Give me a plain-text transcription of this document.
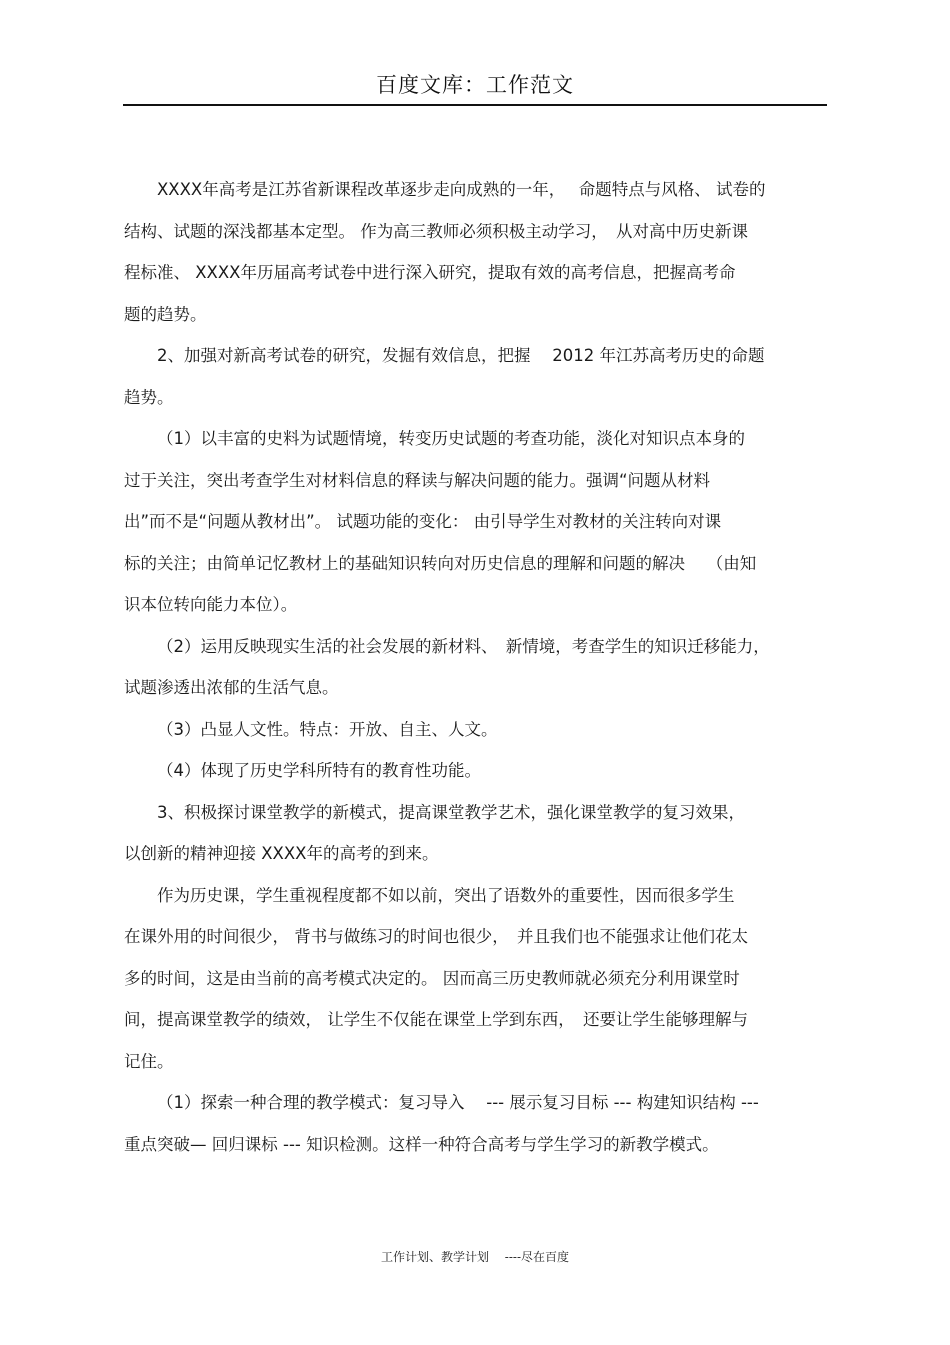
百度文库：工作范文
XXXX年高考是江苏省新课程改革逐步走向成熟的一年，　 命题特点与风格、 试卷的
结构、试题的深浅都基本定型。 作为高三教师必须积极主动学习，　从对高中历史新课
程标准、 XXXX年历届高考试卷中进行深入研究，提取有效的高考信息，把握高考命
题的趋势。
2、加强对新高考试卷的研究，发掘有效信息，把握　 2012 年江苏高考历史的命题
趋势。
（1）以丰富的史料为试题情境，转变历史试题的考查功能，淡化对知识点本身的
过于关注，突出考查学生对材料信息的释读与解决问题的能力。强调“问题从材料
出”而不是“问题从教材出”。 试题功能的变化： 由引导学生对教材的关注转向对课
标的关注；由简单记忆教材上的基础知识转向对历史信息的理解和问题的解决　 （由知
识本位转向能力本位）。
（2）运用反映现实生活的社会发展的新材料、　新情境，考查学生的知识迁移能力，
试题渗透出浓郁的生活气息。
（3）凸显人文性。特点：开放、自主、人文。
（4）体现了历史学科所特有的教育性功能。
3、积极探讨课堂教学的新模式，提高课堂教学艺术，强化课堂教学的复习效果，
以创新的精神迎接 XXXX年的高考的到来。
作为历史课，学生重视程度都不如以前，突出了语数外的重要性，因而很多学生
在课外用的时间很少， 背书与做练习的时间也很少，　并且我们也不能强求让他们花太
多的时间，这是由当前的高考模式决定的。 因而高三历史教师就必须充分利用课堂时
间，提高课堂教学的绩效， 让学生不仅能在课堂上学到东西，　还要让学生能够理解与
记住。
（1）探索一种合理的教学模式：复习导入　 --- 展示复习目标 --- 构建知识结构 ---
重点突破— 回归课标 --- 知识检测。这样一种符合高考与学生学习的新教学模式。
工作计划、教学计划　 ----尽在百度
